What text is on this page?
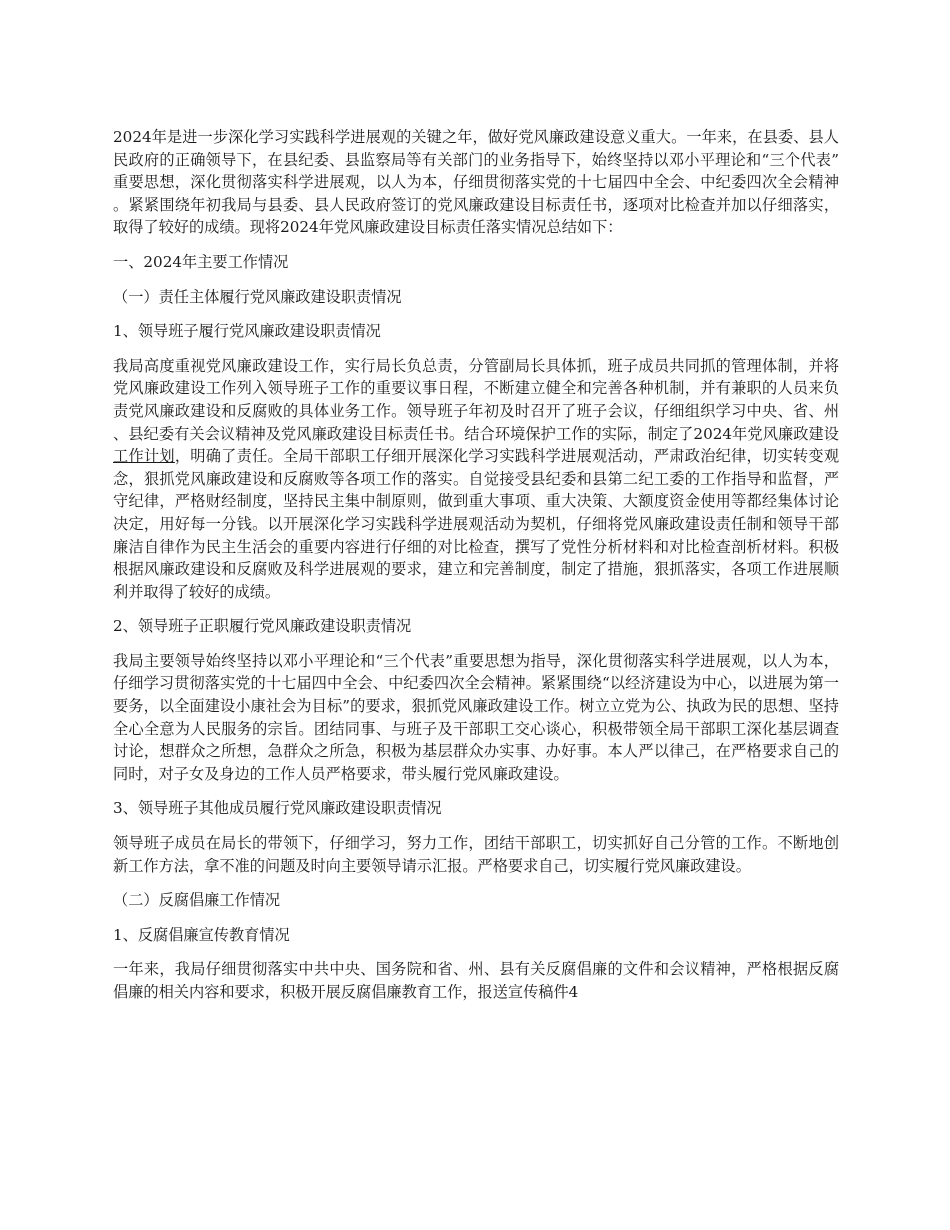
2024年是进一步深化学习实践科学进展观的关键之年，做好党风廉政建设意义重大。一年来，在县委、县人民政府的正确领导下，在县纪委、县监察局等有关部门的业务指导下，始终坚持以邓小平理论和“三个代表”重要思想，深化贯彻落实科学进展观，以人为本，仔细贯彻落实党的十七届四中全会、中纪委四次全会精神。紧紧围绕年初我局与县委、县人民政府签订的党风廉政建设目标责任书，逐项对比检查并加以仔细落实，取得了较好的成绩。现将2024年党风廉政建设目标责任落实情况总结如下：

一、2024年主要工作情况

（一）责任主体履行党风廉政建设职责情况

1、领导班子履行党风廉政建设职责情况

我局高度重视党风廉政建设工作，实行局长负总责，分管副局长具体抓，班子成员共同抓的管理体制，并将党风廉政建设工作列入领导班子工作的重要议事日程，不断建立健全和完善各种机制，并有兼职的人员来负责党风廉政建设和反腐败的具体业务工作。领导班子年初及时召开了班子会议，仔细组织学习中央、省、州、县纪委有关会议精神及党风廉政建设目标责任书。结合环境保护工作的实际，制定了2024年党风廉政建设工作计划，明确了责任。全局干部职工仔细开展深化学习实践科学进展观活动，严肃政治纪律，切实转变观念，狠抓党风廉政建设和反腐败等各项工作的落实。自觉接受县纪委和县第二纪工委的工作指导和监督，严守纪律，严格财经制度，坚持民主集中制原则，做到重大事项、重大决策、大额度资金使用等都经集体讨论决定，用好每一分钱。以开展深化学习实践科学进展观活动为契机，仔细将党风廉政建设责任制和领导干部廉洁自律作为民主生活会的重要内容进行仔细的对比检查，撰写了党性分析材料和对比检查剖析材料。积极根据风廉政建设和反腐败及科学进展观的要求，建立和完善制度，制定了措施，狠抓落实，各项工作进展顺利并取得了较好的成绩。

2、领导班子正职履行党风廉政建设职责情况

我局主要领导始终坚持以邓小平理论和“三个代表”重要思想为指导，深化贯彻落实科学进展观，以人为本，仔细学习贯彻落实党的十七届四中全会、中纪委四次全会精神。紧紧围绕“以经济建设为中心，以进展为第一要务，以全面建设小康社会为目标”的要求，狠抓党风廉政建设工作。树立立党为公、执政为民的思想、坚持全心全意为人民服务的宗旨。团结同事、与班子及干部职工交心谈心，积极带领全局干部职工深化基层调查讨论，想群众之所想，急群众之所急，积极为基层群众办实事、办好事。本人严以律己，在严格要求自己的同时，对子女及身边的工作人员严格要求，带头履行党风廉政建设。

3、领导班子其他成员履行党风廉政建设职责情况

领导班子成员在局长的带领下，仔细学习，努力工作，团结干部职工，切实抓好自己分管的工作。不断地创新工作方法，拿不准的问题及时向主要领导请示汇报。严格要求自己，切实履行党风廉政建设。

（二）反腐倡廉工作情况

1、反腐倡廉宣传教育情况

一年来，我局仔细贯彻落实中共中央、国务院和省、州、县有关反腐倡廉的文件和会议精神，严格根据反腐倡廉的相关内容和要求，积极开展反腐倡廉教育工作，报送宣传稿件4
